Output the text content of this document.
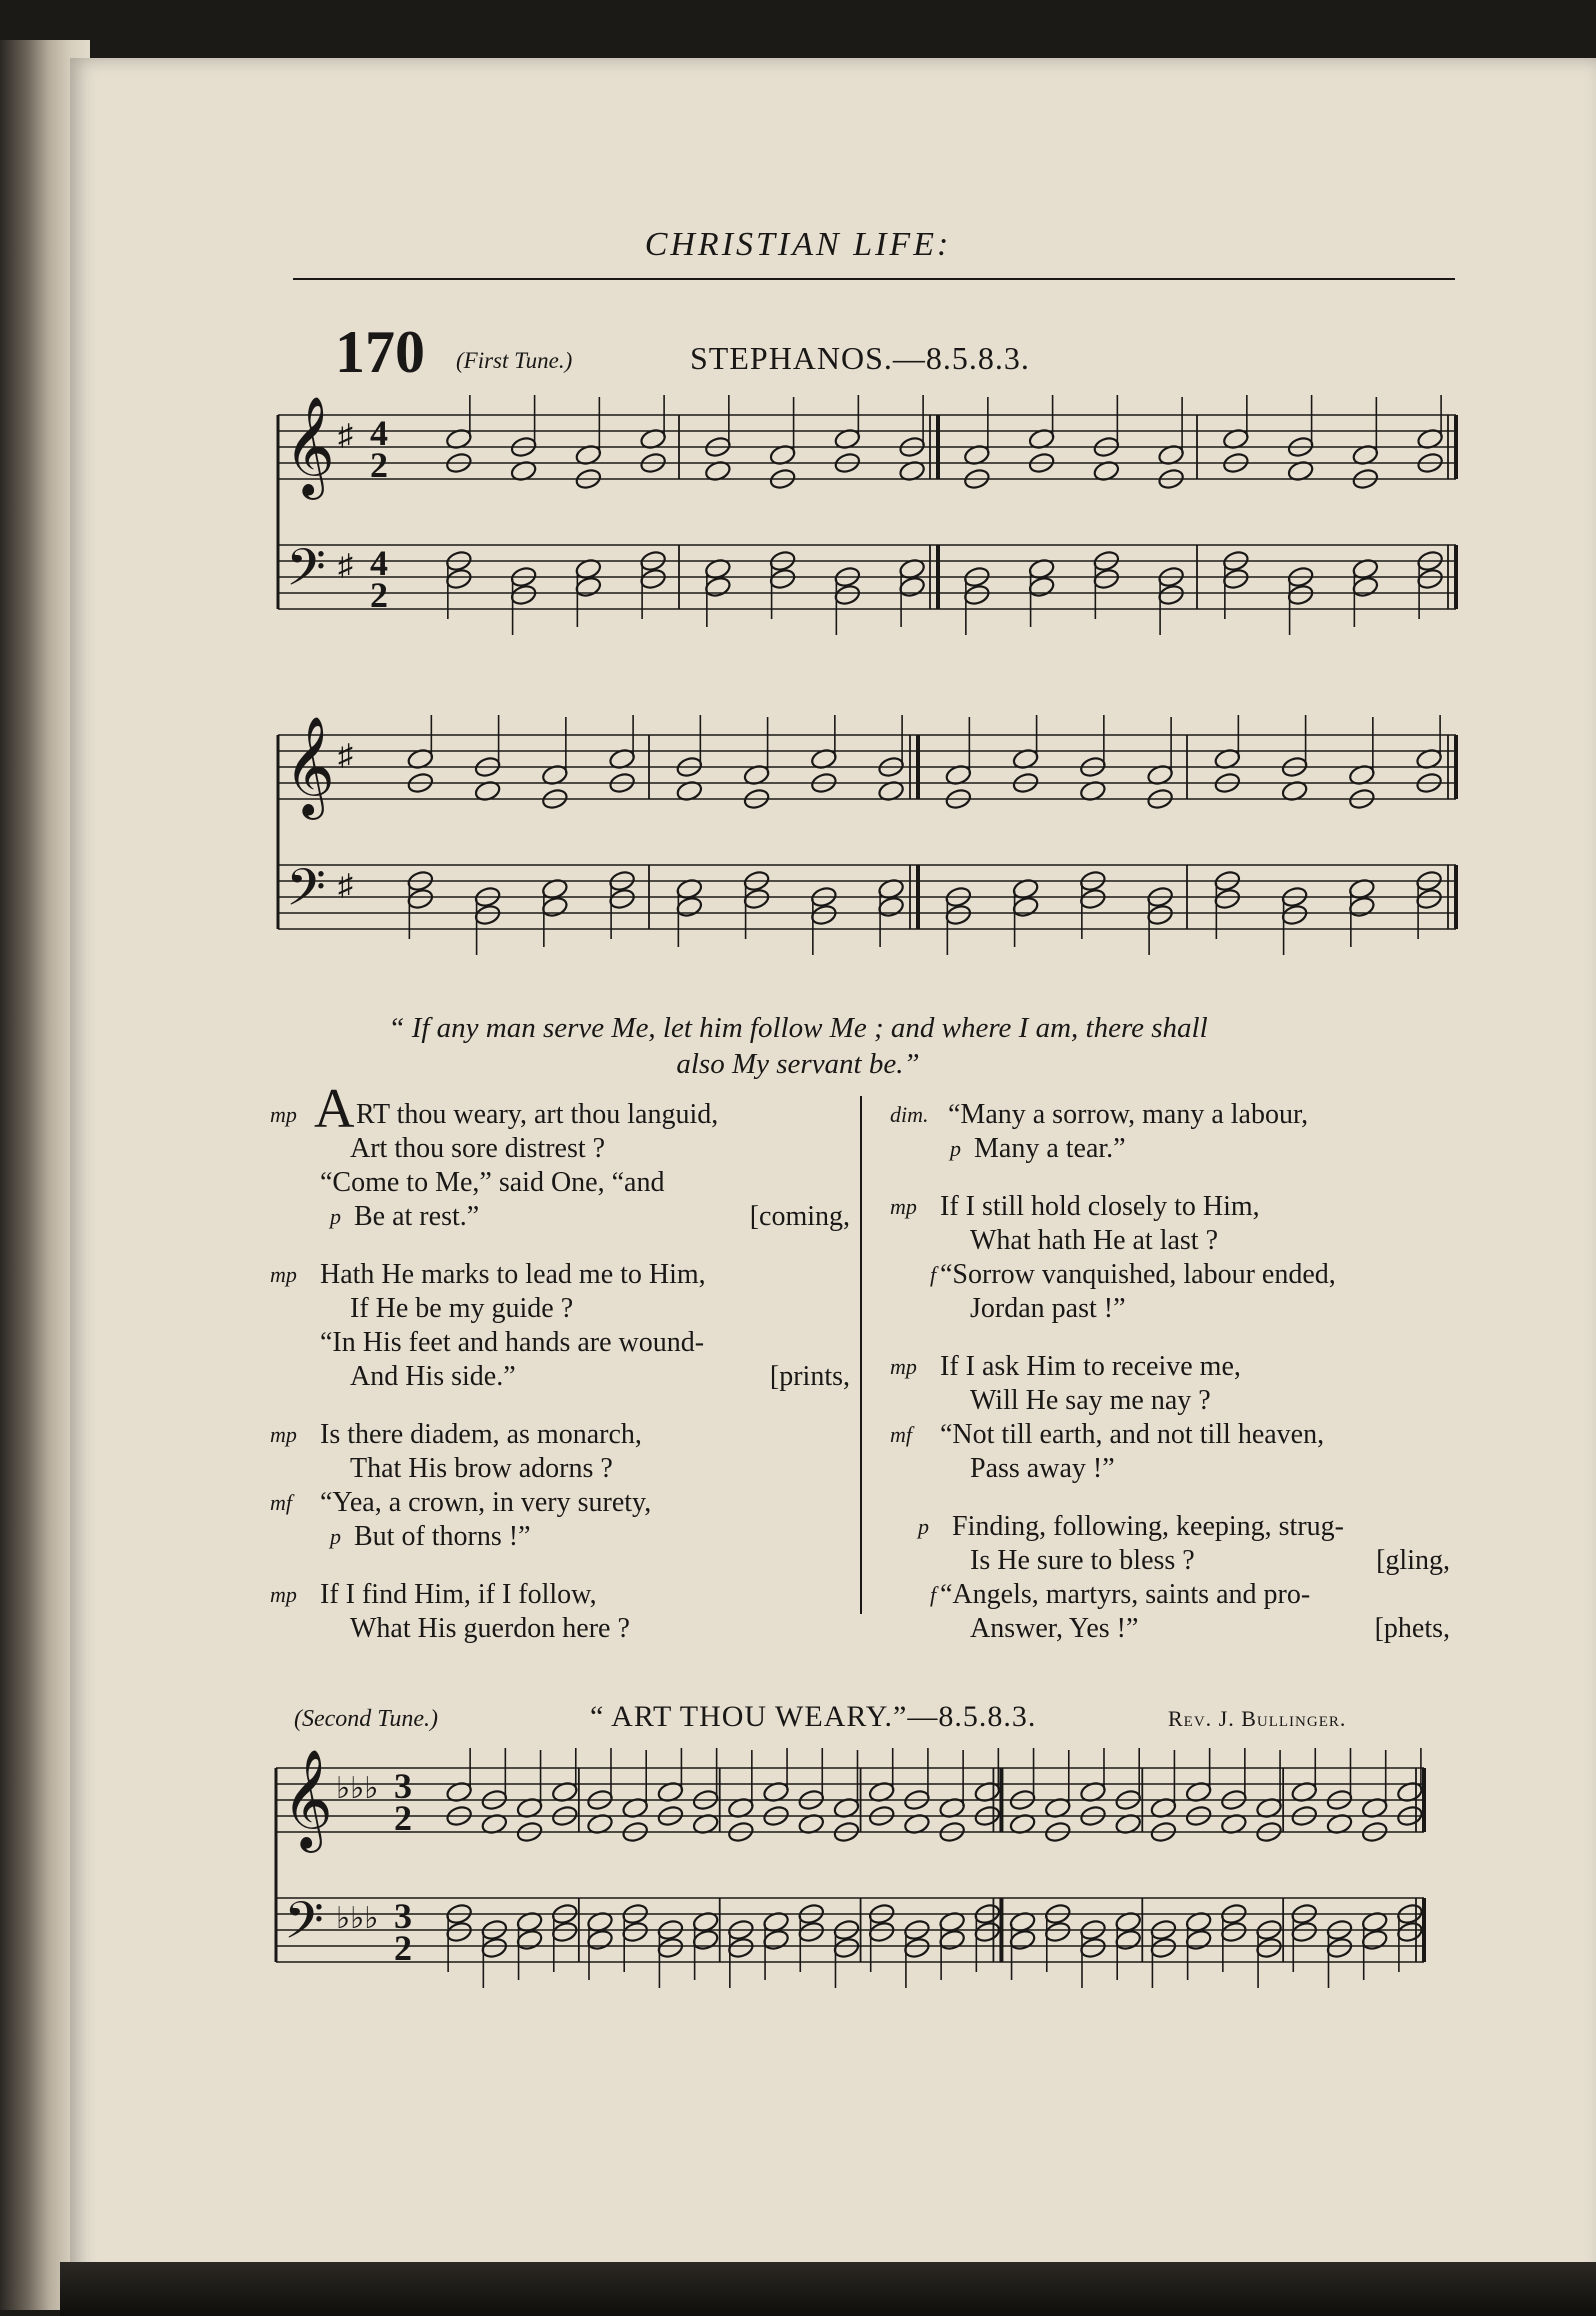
CHRISTIAN LIFE:
170 (First Tune.)	STEPHANOS.—8.5.8.3.
𝄞
𝄢
♯
♯
4
2
4
2
𝄞
𝄢
♯
♯
“ If any man serve Me, let him follow Me ; and where I am, there shall
also My servant be.”
mp RT thou weary, art thou languid,
A
Art thou sore distrest ?
“Come to Me,” said One, “and
p Be at rest.”	[coming,
mp Hath He marks to lead me to Him,
If He be my guide ?
“In His feet and hands are wound-
And His side.”	[prints,
mp Is there diadem, as monarch,
That His brow adorns ?
mf “Yea, a crown, in very surety,
p But of thorns !”
mp If I find Him, if I follow,
What His guerdon here ?
dim. “Many a sorrow, many a labour,
p Many a tear.”
mp If I still hold closely to Him,
What hath He at last ?
f “Sorrow vanquished, labour ended,
Jordan past !”
mp If I ask Him to receive me,
Will He say me nay ?
mf “Not till earth, and not till heaven,
Pass away !”
p Finding, following, keeping, strug-
Is He sure to bless ?	[gling,
f “Angels, martyrs, saints and pro-
Answer, Yes !”	[phets,
(Second Tune.)	“ ART THOU WEARY.”—8.5.8.3.	Rev. J. Bullinger.
𝄞
𝄢
♭♭♭
♭♭♭
3
2
3
2
